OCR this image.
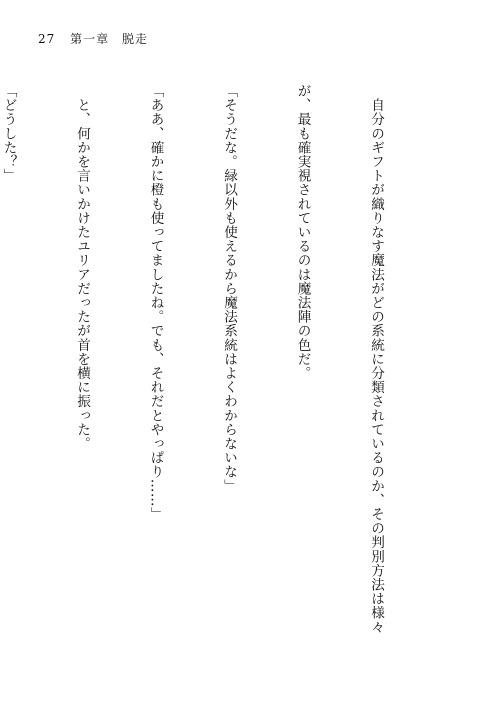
27 第一章 脱走

　自分のギフトが織りなす魔法がどの系統に分類されているのか、その判別方法は様々

が、最も確実視されているのは魔法陣の色だ。

「そうだな。緑以外も使えるから魔法系統はよくわからないな」

「ああ、確かに橙も使ってましたね。でも、それだとやっぱり……」

　と、何かを言いかけたユリアだったが首を横に振った。

「どうした？」
